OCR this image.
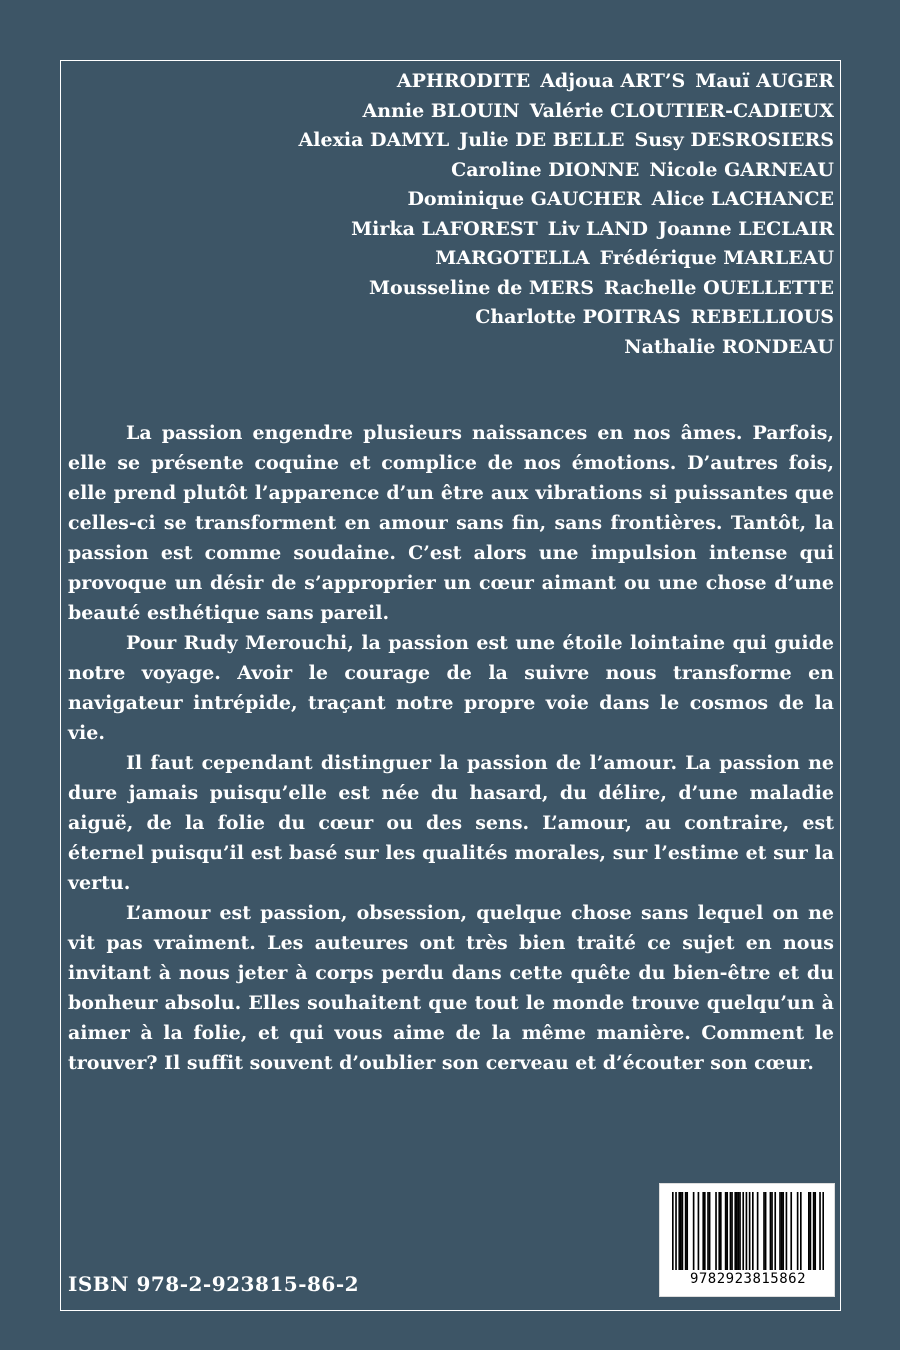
APHRODITE Adjoua ART’S Mauï AUGER
Annie BLOUIN Valérie CLOUTIER-CADIEUX
Alexia DAMYL Julie DE BELLE Susy DESROSIERS
Caroline DIONNE Nicole GARNEAU
Dominique GAUCHER Alice LACHANCE
Mirka LAFOREST Liv LAND Joanne LECLAIR
MARGOTELLA Frédérique MARLEAU
Mousseline de MERS Rachelle OUELLETTE
Charlotte POITRAS REBELLIOUS
Nathalie RONDEAU

La passion engendre plusieurs naissances en nos âmes. Parfois, elle se présente coquine et complice de nos émotions. D’autres fois, elle prend plutôt l’apparence d’un être aux vibrations si puissantes que celles-ci se transforment en amour sans fin, sans frontières. Tantôt, la passion est comme soudaine. C’est alors une impulsion intense qui provoque un désir de s’approprier un cœur aimant ou une chose d’une beauté esthétique sans pareil.

Pour Rudy Merouchi, la passion est une étoile lointaine qui guide notre voyage. Avoir le courage de la suivre nous transforme en navigateur intrépide, traçant notre propre voie dans le cosmos de la vie.

Il faut cependant distinguer la passion de l’amour. La passion ne dure jamais puisqu’elle est née du hasard, du délire, d’une maladie aiguë, de la folie du cœur ou des sens. L’amour, au contraire, est éternel puisqu’il est basé sur les qualités morales, sur l’estime et sur la vertu.

L’amour est passion, obsession, quelque chose sans lequel on ne vit pas vraiment. Les auteures ont très bien traité ce sujet en nous invitant à nous jeter à corps perdu dans cette quête du bien-être et du bonheur absolu. Elles souhaitent que tout le monde trouve quelqu’un à aimer à la folie, et qui vous aime de la même manière. Comment le trouver? Il suffit souvent d’oublier son cerveau et d’écouter son cœur.

ISBN 978-2-923815-86-2	9782923815862
